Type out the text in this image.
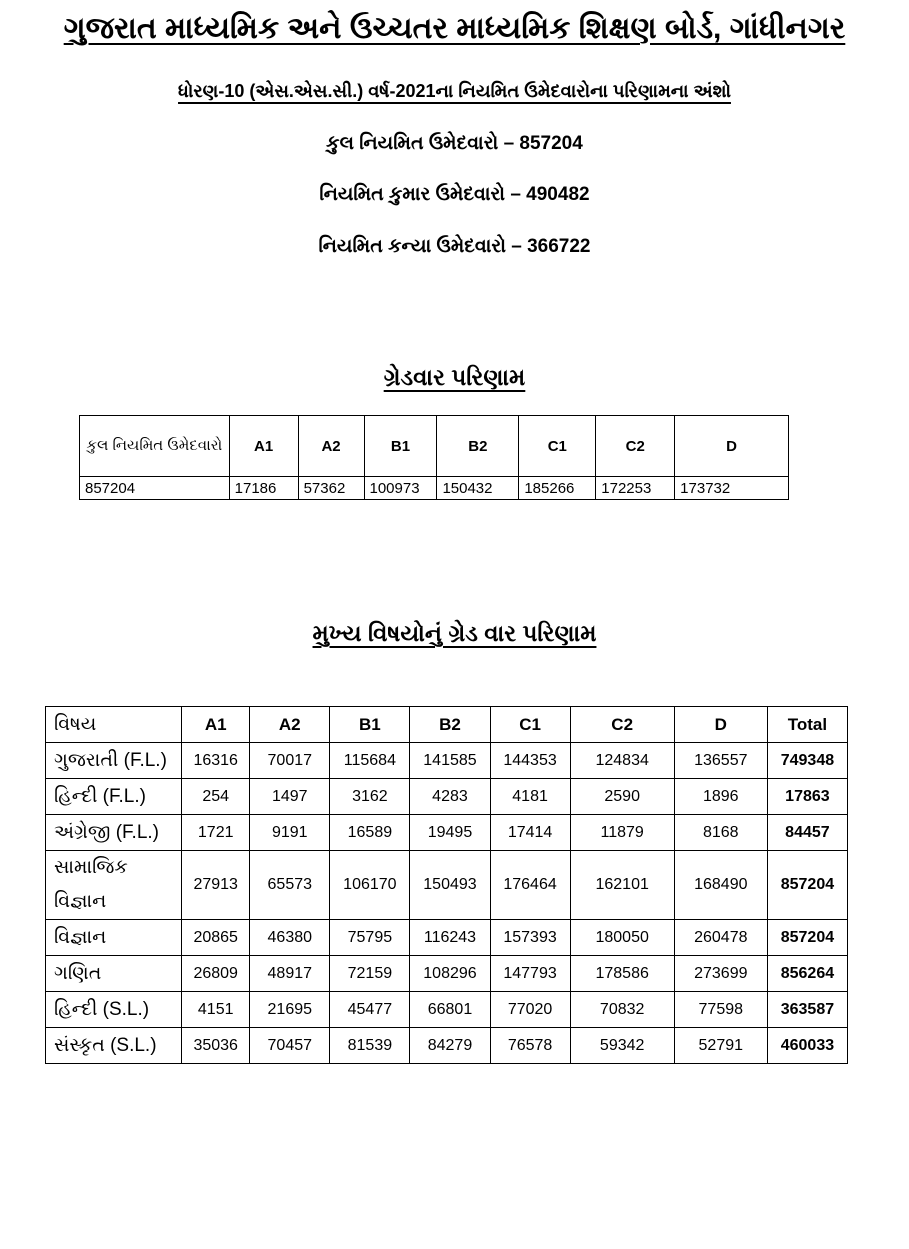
ગુજરાત માધ્યમિક અને ઉચ્ચતર માધ્યમિક શિક્ષણ બોર્ડ, ગાંધીનગર
ધોરણ-10 (એસ.એસ.સી.) વર્ષ-2021ના નિયમિત ઉમેદવારોના પરિણામના અંશો
કુલ નિયમિત ઉમેદવારો – 857204
નિયમિત કુમાર ઉમેદવારો – 490482
નિયમિત કન્યા ઉમેદવારો – 366722
ગ્રેડવાર પરિણામ
કુલ નિયમિત ઉમેદવારો	A1	A2	B1	B2	C1	C2	D
857204	17186	57362	100973	150432	185266	172253	173732
મુખ્ય વિષયોનું ગ્રેડ વાર પરિણામ
વિષય	A1	A2	B1	B2	C1	C2	D	Total
ગુજરાતી (F.L.)	16316	70017	115684	141585	144353	124834	136557	749348
હિન્દી (F.L.)	254	1497	3162	4283	4181	2590	1896	17863
અંગ્રેજી (F.L.)	1721	9191	16589	19495	17414	11879	8168	84457
સામાજિક વિજ્ઞાન	27913	65573	106170	150493	176464	162101	168490	857204
વિજ્ઞાન	20865	46380	75795	116243	157393	180050	260478	857204
ગણિત	26809	48917	72159	108296	147793	178586	273699	856264
હિન્દી (S.L.)	4151	21695	45477	66801	77020	70832	77598	363587
સંસ્કૃત (S.L.)	35036	70457	81539	84279	76578	59342	52791	460033
